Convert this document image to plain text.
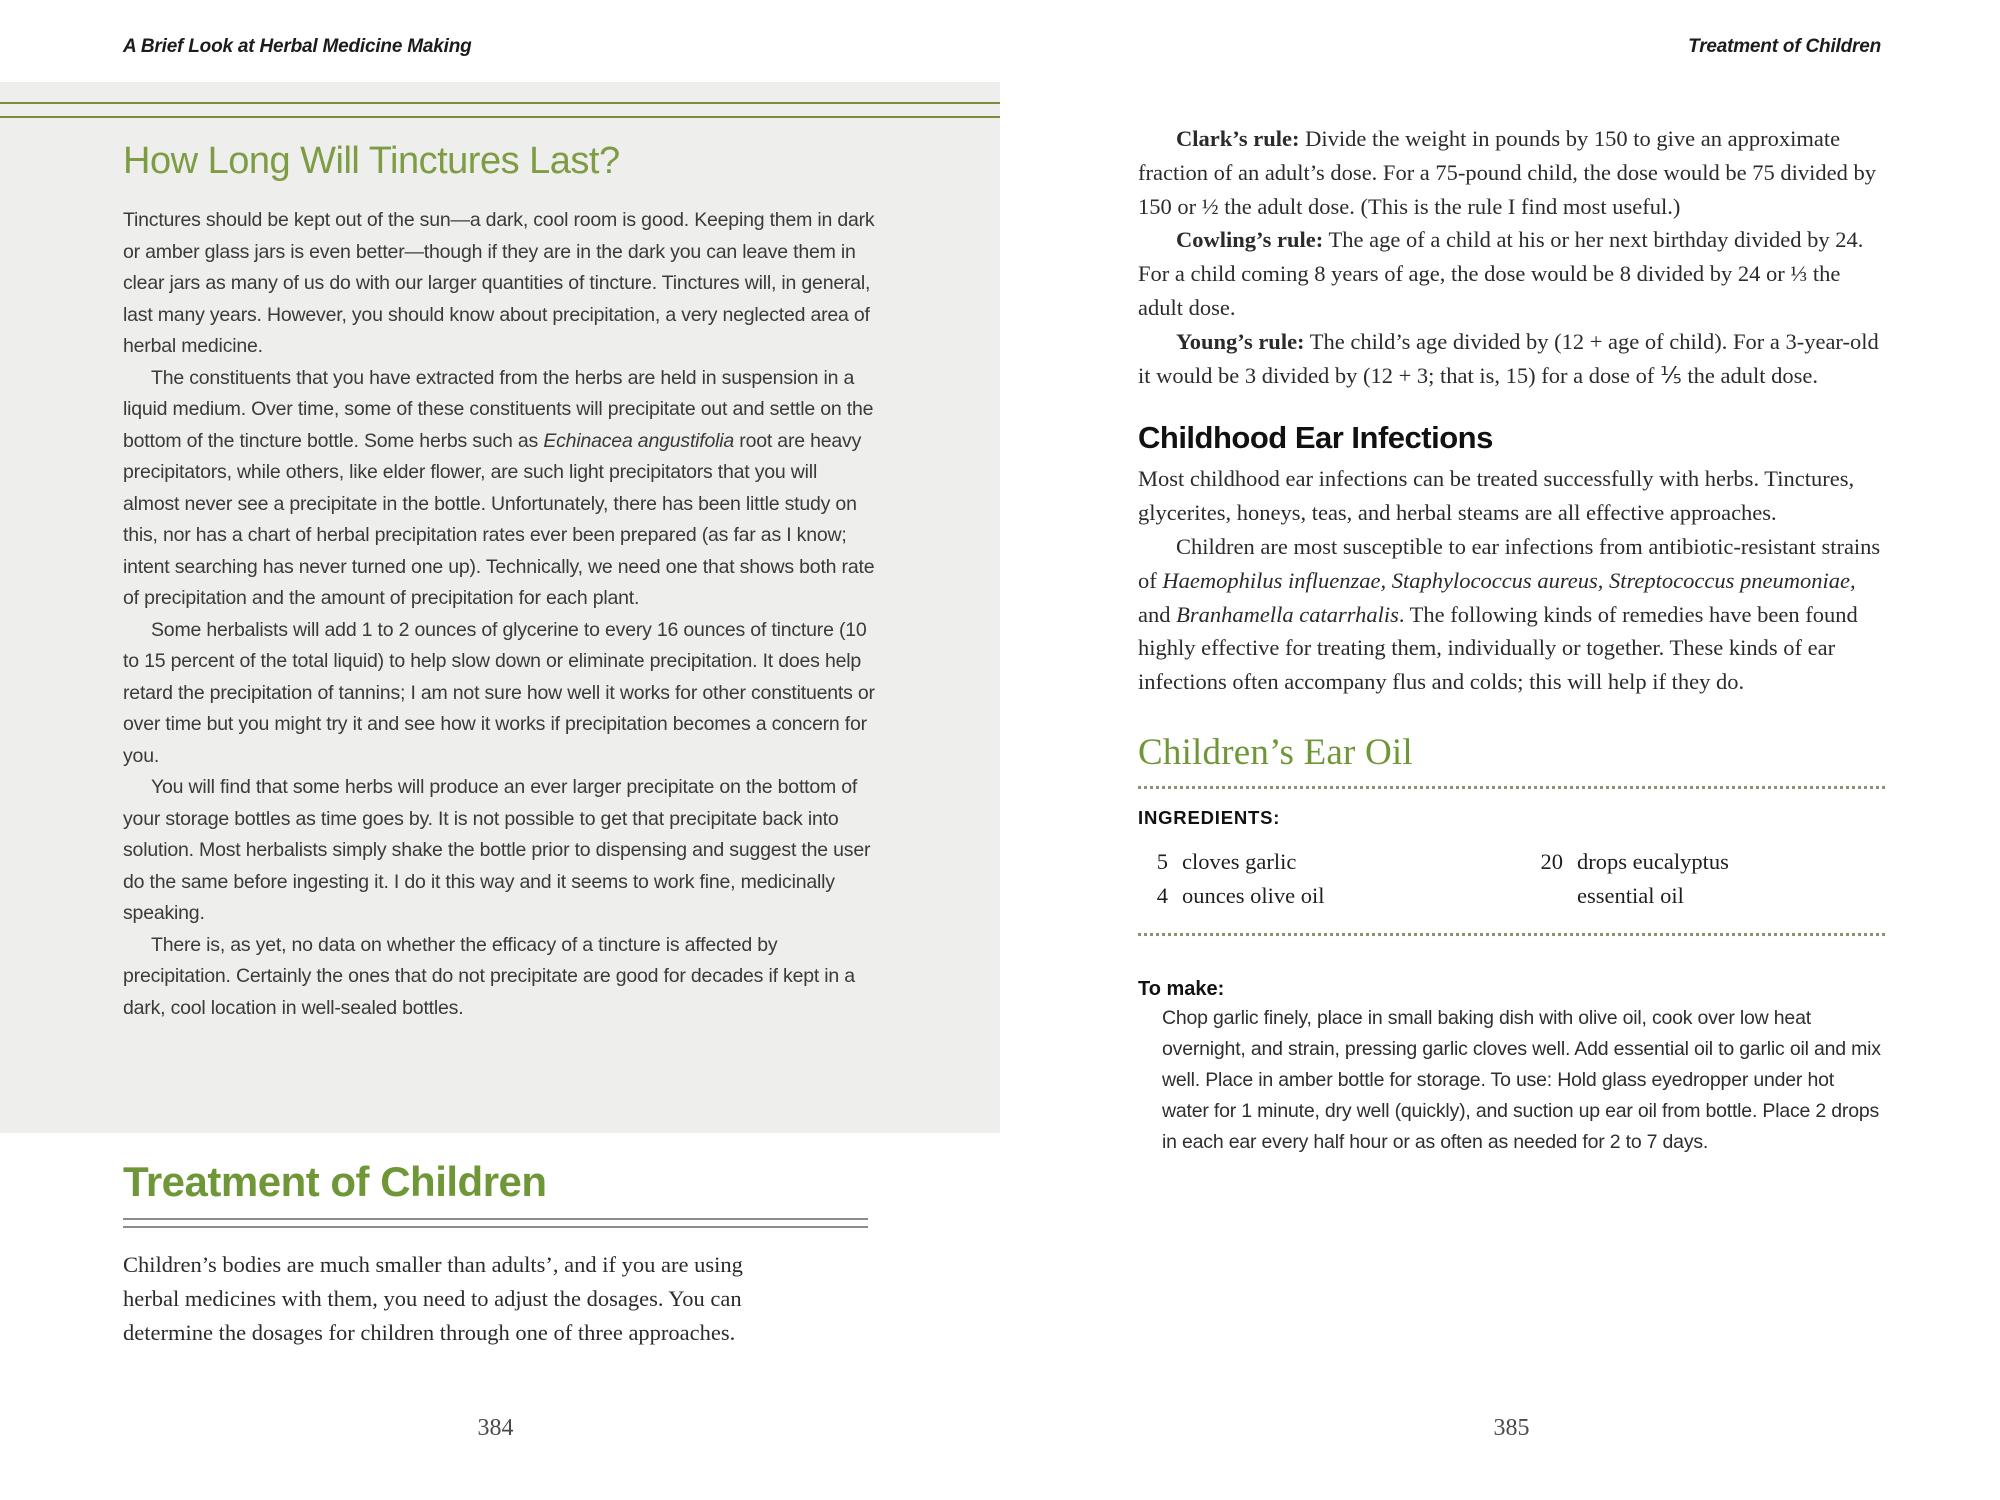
A Brief Look at Herbal Medicine Making
How Long Will Tinctures Last?

Tinctures should be kept out of the sun—a dark, cool room is good. Keeping them in dark or amber glass jars is even better—though if they are in the dark you can leave them in clear jars as many of us do with our larger quantities of tincture. Tinctures will, in general, last many years. However, you should know about precipitation, a very neglected area of herbal medicine.

The constituents that you have extracted from the herbs are held in suspension in a liquid medium. Over time, some of these constituents will precipitate out and settle on the bottom of the tincture bottle. Some herbs such as Echinacea angustifolia root are heavy precipitators, while others, like elder flower, are such light precipitators that you will almost never see a precipitate in the bottle. Unfortunately, there has been little study on this, nor has a chart of herbal precipitation rates ever been prepared (as far as I know; intent searching has never turned one up). Technically, we need one that shows both rate of precipitation and the amount of precipitation for each plant.

Some herbalists will add 1 to 2 ounces of glycerine to every 16 ounces of tincture (10 to 15 percent of the total liquid) to help slow down or eliminate precipitation. It does help retard the precipitation of tannins; I am not sure how well it works for other constituents or over time but you might try it and see how it works if precipitation becomes a concern for you.

You will find that some herbs will produce an ever larger precipitate on the bottom of your storage bottles as time goes by. It is not possible to get that precipitate back into solution. Most herbalists simply shake the bottle prior to dispensing and suggest the user do the same before ingesting it. I do it this way and it seems to work fine, medicinally speaking.

There is, as yet, no data on whether the efficacy of a tincture is affected by precipitation. Certainly the ones that do not precipitate are good for decades if kept in a dark, cool location in well-sealed bottles.

Treatment of Children

Children’s bodies are much smaller than adults’, and if you are using herbal medicines with them, you need to adjust the dosages. You can determine the dosages for children through one of three approaches.

384
Treatment of Children

Clark’s rule: Divide the weight in pounds by 150 to give an approximate fraction of an adult’s dose. For a 75-pound child, the dose would be 75 divided by 150 or ½ the adult dose. (This is the rule I find most useful.)

Cowling’s rule: The age of a child at his or her next birthday divided by 24. For a child coming 8 years of age, the dose would be 8 divided by 24 or ⅓ the adult dose.

Young’s rule: The child’s age divided by (12 + age of child). For a 3-year-old it would be 3 divided by (12 + 3; that is, 15) for a dose of ⅕ the adult dose.

Childhood Ear Infections

Most childhood ear infections can be treated successfully with herbs. Tinctures, glycerites, honeys, teas, and herbal steams are all effective approaches.

Children are most susceptible to ear infections from antibiotic-resistant strains of Haemophilus influenzae, Staphylococcus aureus, Streptococcus pneumoniae, and Branhamella catarrhalis. The following kinds of remedies have been found highly effective for treating them, individually or together. These kinds of ear infections often accompany flus and colds; this will help if they do.

Children’s Ear Oil
INGREDIENTS:
5 cloves garlic
4 ounces olive oil
20 drops eucalyptus essential oil
To make:
Chop garlic finely, place in small baking dish with olive oil, cook over low heat overnight, and strain, pressing garlic cloves well. Add essential oil to garlic oil and mix well. Place in amber bottle for storage. To use: Hold glass eyedropper under hot water for 1 minute, dry well (quickly), and suction up ear oil from bottle. Place 2 drops in each ear every half hour or as often as needed for 2 to 7 days.
385
